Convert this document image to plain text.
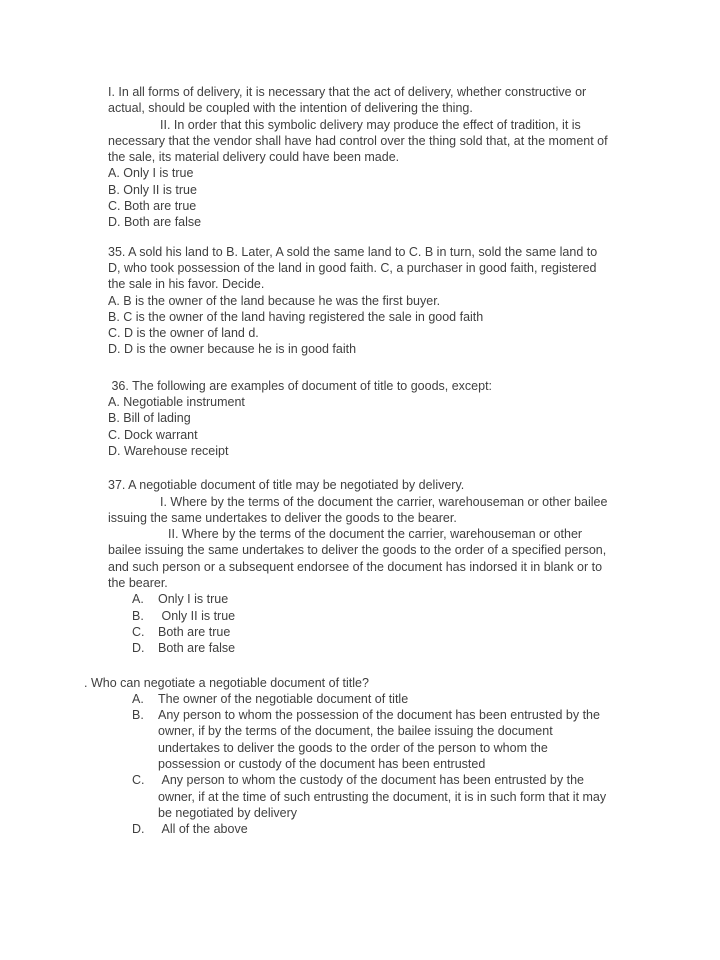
I. In all forms of delivery, it is necessary that the act of delivery, whether constructive or actual, should be coupled with the intention of delivering the thing.

II. In order that this symbolic delivery may produce the effect of tradition, it is necessary that the vendor shall have had control over the thing sold that, at the moment of the sale, its material delivery could have been made.

A. Only I is true

B. Only II is true

C. Both are true

D. Both are false

35. A sold his land to B. Later, A sold the same land to C. B in turn, sold the same land to D, who took possession of the land in good faith. C, a purchaser in good faith, registered the sale in his favor. Decide.

A. B is the owner of the land because he was the first buyer.

B. C is the owner of the land having registered the sale in good faith

C. D is the owner of land d.

D. D is the owner because he is in good faith

36. The following are examples of document of title to goods, except:

A. Negotiable instrument

B. Bill of lading

C. Dock warrant

D. Warehouse receipt

37. A negotiable document of title may be negotiated by delivery.

I. Where by the terms of the document the carrier, warehouseman or other bailee issuing the same undertakes to deliver the goods to the bearer.

II. Where by the terms of the document the carrier, warehouseman or other bailee issuing the same undertakes to deliver the goods to the order of a specified person, and such person or a subsequent endorsee of the document has indorsed it in blank or to the bearer.

A.	Only I is true
B.	Only II is true
C.	Both are true
D.	Both are false

. Who can negotiate a negotiable document of title?

A.	The owner of the negotiable document of title
B.	Any person to whom the possession of the document has been entrusted by the owner, if by the terms of the document, the bailee issuing the document undertakes to deliver the goods to the order of the person to whom the possession or custody of the document has been entrusted
C.	Any person to whom the custody of the document has been entrusted by the owner, if at the time of such entrusting the document, it is in such form that it may be negotiated by delivery
D.	All of the above
